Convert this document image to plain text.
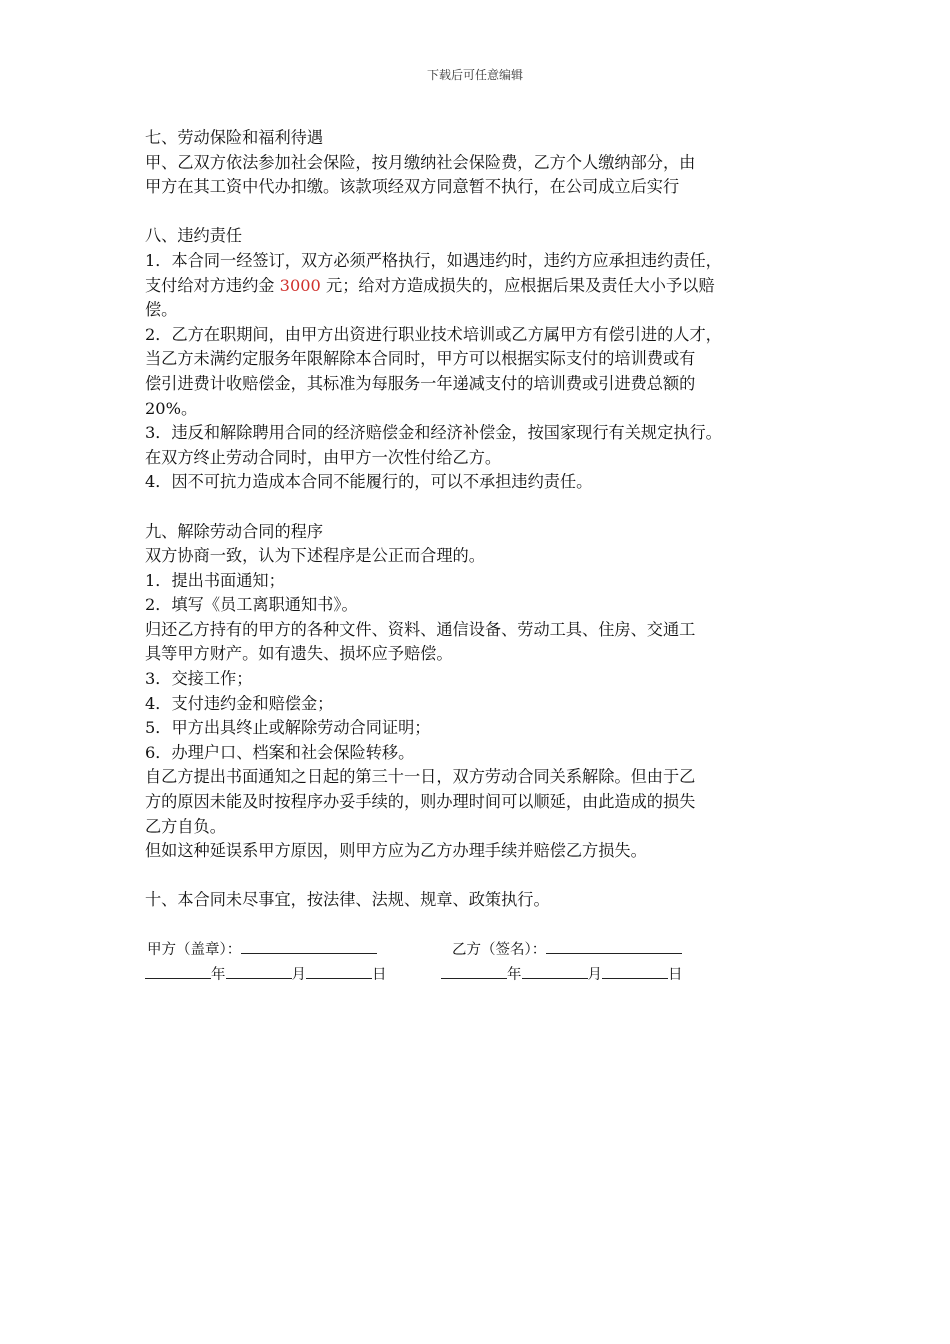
下载后可任意编辑

七、劳动保险和福利待遇

甲、乙双方依法参加社会保险，按月缴纳社会保险费，乙方个人缴纳部分，由

甲方在其工资中代办扣缴。该款项经双方同意暂不执行，在公司成立后实行

八、违约责任

1．本合同一经签订，双方必须严格执行，如遇违约时，违约方应承担违约责任，

支付给对方违约金 3000 元；给对方造成损失的，应根据后果及责任大小予以赔

偿。

2．乙方在职期间，由甲方出资进行职业技术培训或乙方属甲方有偿引进的人才，

当乙方未满约定服务年限解除本合同时，甲方可以根据实际支付的培训费或有

偿引进费计收赔偿金，其标准为每服务一年递减支付的培训费或引进费总额的

20%。

3．违反和解除聘用合同的经济赔偿金和经济补偿金，按国家现行有关规定执行。

在双方终止劳动合同时，由甲方一次性付给乙方。

4．因不可抗力造成本合同不能履行的，可以不承担违约责任。

九、解除劳动合同的程序

双方协商一致，认为下述程序是公正而合理的。

1．提出书面通知；

2．填写《员工离职通知书》。

归还乙方持有的甲方的各种文件、资料、通信设备、劳动工具、住房、交通工

具等甲方财产。如有遗失、损坏应予赔偿。

3．交接工作；

4．支付违约金和赔偿金；

5．甲方出具终止或解除劳动合同证明；

6．办理户口、档案和社会保险转移。

自乙方提出书面通知之日起的第三十一日，双方劳动合同关系解除。但由于乙

方的原因未能及时按程序办妥手续的，则办理时间可以顺延，由此造成的损失

乙方自负。

但如这种延误系甲方原因，则甲方应为乙方办理手续并赔偿乙方损失。

十、本合同未尽事宜，按法律、法规、规章、政策执行。

甲方（盖章）：	乙方（签名）：
年	月	日	年	月	日
